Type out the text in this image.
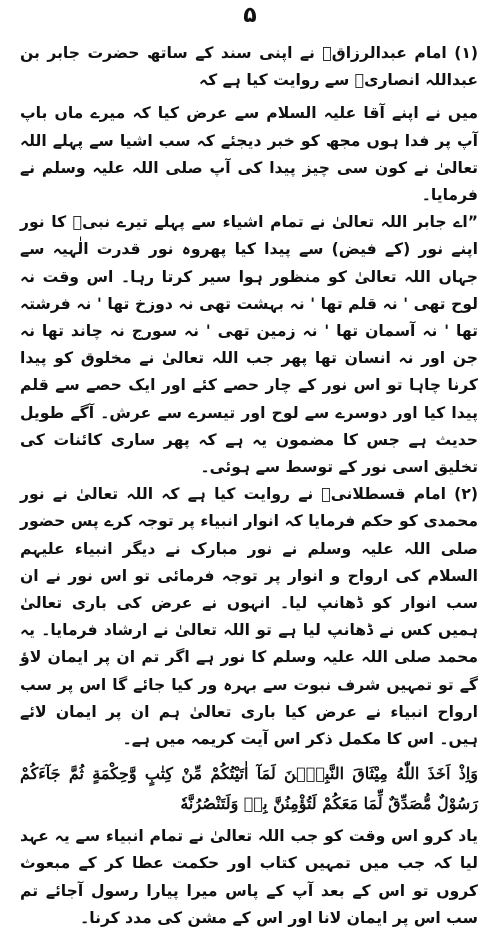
۵

(۱) امام عبدالرزاقؒ نے اپنی سند کے ساتھ حضرت جابر بن عبداللہ انصاریؓ سے روایت کیا ہے کہ

میں نے اپنے آقا علیہ السلام سے عرض کیا کہ میرے ماں باپ آپ پر فدا ہوں مجھ کو خبر دیجئے کہ سب اشیا سے پہلے اللہ تعالیٰ نے کون سی چیز پیدا کی آپ صلی اللہ علیہ وسلم نے فرمایا۔

”اے جابر اللہ تعالیٰ نے تمام اشیاء سے پہلے تیرے نبیؐ کا نور اپنے نور (کے فیض) سے پیدا کیا پھروہ نور قدرت الٰہیہ سے جہاں اللہ تعالیٰ کو منظور ہوا سیر کرتا رہا۔ اس وقت نہ لوح تھی ' نہ قلم تھا ' نہ بہشت تھی نہ دوزخ تھا ' نہ فرشتہ تھا ' نہ آسمان تھا ' نہ زمین تھی ' نہ سورج نہ چاند تھا نہ جن اور نہ انسان تھا پھر جب اللہ تعالیٰ نے مخلوق کو پیدا کرنا چاہا تو اس نور کے چار حصے کئے اور ایک حصے سے قلم پیدا کیا اور دوسرے سے لوح اور تیسرے سے عرش۔ آگے طویل حدیث ہے جس کا مضمون یہ ہے کہ پھر ساری کائنات کی تخلیق اسی نور کے توسط سے ہوئی۔

(۲) امام قسطلانیؒ نے روایت کیا ہے کہ اللہ تعالیٰ نے نور محمدی کو حکم فرمایا کہ انوار انبیاء پر توجہ کرے پس حضور صلی اللہ علیہ وسلم نے نور مبارک نے دیگر انبیاء علیہم السلام کی ارواح و انوار پر توجہ فرمائی تو اس نور نے ان سب انوار کو ڈھانپ لیا۔ انہوں نے عرض کی باری تعالیٰ ہمیں کس نے ڈھانپ لیا ہے تو اللہ تعالیٰ نے ارشاد فرمایا۔ یہ محمد صلی اللہ علیہ وسلم کا نور ہے اگر تم ان پر ایمان لاؤ گے تو تمہیں شرف نبوت سے بہرہ ور کیا جائے گا اس پر سب ارواح انبیاء نے عرض کیا باری تعالیٰ ہم ان پر ایمان لائے ہیں۔ اس کا مکمل ذکر اس آیت کریمہ میں ہے۔

وَاِذْ اَخَذَ اللّٰهُ مِيْثَاقَ النَّبِيّٖنَ لَمَآ اٰتَيْتُكُمْ مِّنْ كِتٰبٍ وَّحِكْمَةٍ ثُمَّ جَآءَكُمْ رَسُوْلٌ مُّصَدِّقٌ لِّمَا مَعَكُمْ لَتُؤْمِنُنَّ بِهٖ وَلَتَنْصُرُنَّهٗ

یاد کرو اس وقت کو جب اللہ تعالیٰ نے تمام انبیاء سے یہ عہد لیا کہ جب میں تمہیں کتاب اور حکمت عطا کر کے مبعوث کروں تو اس کے بعد آپ کے پاس میرا پیارا رسول آجائے تم سب اس پر ایمان لانا اور اس کے مشن کی مدد کرنا۔
